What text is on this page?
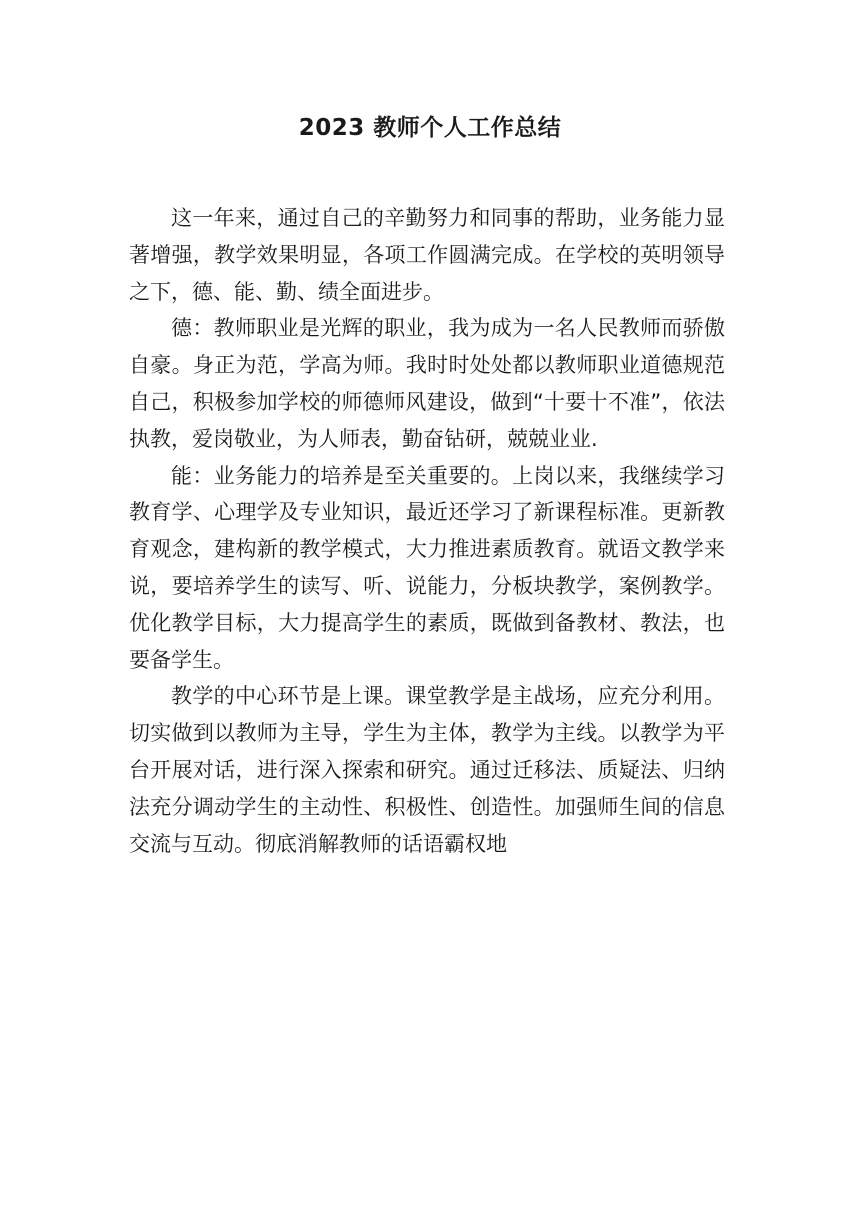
2023 教师个人工作总结

这一年来，通过自己的辛勤努力和同事的帮助，业务能力显著增强，教学效果明显，各项工作圆满完成。在学校的英明领导之下，德、能、勤、绩全面进步。

德：教师职业是光辉的职业，我为成为一名人民教师而骄傲自豪。身正为范，学高为师。我时时处处都以教师职业道德规范自己，积极参加学校的师德师风建设，做到“十要十不准”，依法执教，爱岗敬业，为人师表，勤奋钻研，兢兢业业.

能：业务能力的培养是至关重要的。上岗以来，我继续学习教育学、心理学及专业知识，最近还学习了新课程标准。更新教育观念，建构新的教学模式，大力推进素质教育。就语文教学来说，要培养学生的读写、听、说能力，分板块教学，案例教学。优化教学目标，大力提高学生的素质，既做到备教材、教法，也要备学生。

教学的中心环节是上课。课堂教学是主战场，应充分利用。切实做到以教师为主导，学生为主体，教学为主线。以教学为平台开展对话，进行深入探索和研究。通过迁移法、质疑法、归纳法充分调动学生的主动性、积极性、创造性。加强师生间的信息交流与互动。彻底消解教师的话语霸权地
